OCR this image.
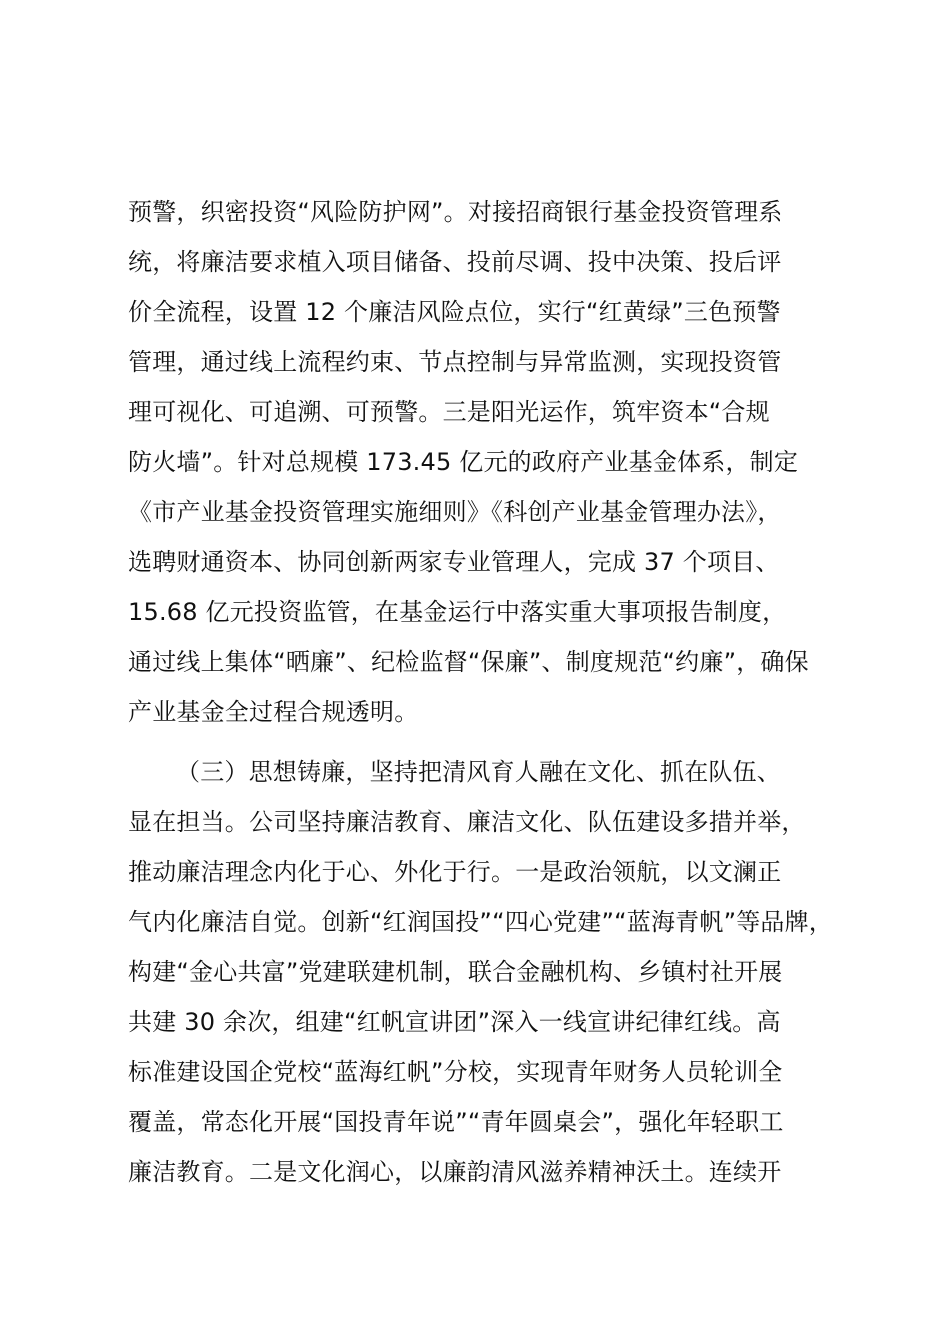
预警，织密投资“风险防护网”。对接招商银行基金投资管理系
统，将廉洁要求植入项目储备、投前尽调、投中决策、投后评
价全流程，设置 12 个廉洁风险点位，实行“红黄绿”三色预警
管理，通过线上流程约束、节点控制与异常监测，实现投资管
理可视化、可追溯、可预警。三是阳光运作，筑牢资本“合规
防火墙”。针对总规模 173.45 亿元的政府产业基金体系，制定
《市产业基金投资管理实施细则》《科创产业基金管理办法》，
选聘财通资本、协同创新两家专业管理人，完成 37 个项目、
15.68 亿元投资监管，在基金运行中落实重大事项报告制度，
通过线上集体“晒廉”、纪检监督“保廉”、制度规范“约廉”，确保
产业基金全过程合规透明。
（三）思想铸廉，坚持把清风育人融在文化、抓在队伍、
显在担当。公司坚持廉洁教育、廉洁文化、队伍建设多措并举，
推动廉洁理念内化于心、外化于行。一是政治领航，以文澜正
气内化廉洁自觉。创新“红润国投”“四心党建”“蓝海青帆”等品牌，
构建“金心共富”党建联建机制，联合金融机构、乡镇村社开展
共建 30 余次，组建“红帆宣讲团”深入一线宣讲纪律红线。高
标准建设国企党校“蓝海红帆”分校，实现青年财务人员轮训全
覆盖，常态化开展“国投青年说”“青年圆桌会”，强化年轻职工
廉洁教育。二是文化润心，以廉韵清风滋养精神沃土。连续开
